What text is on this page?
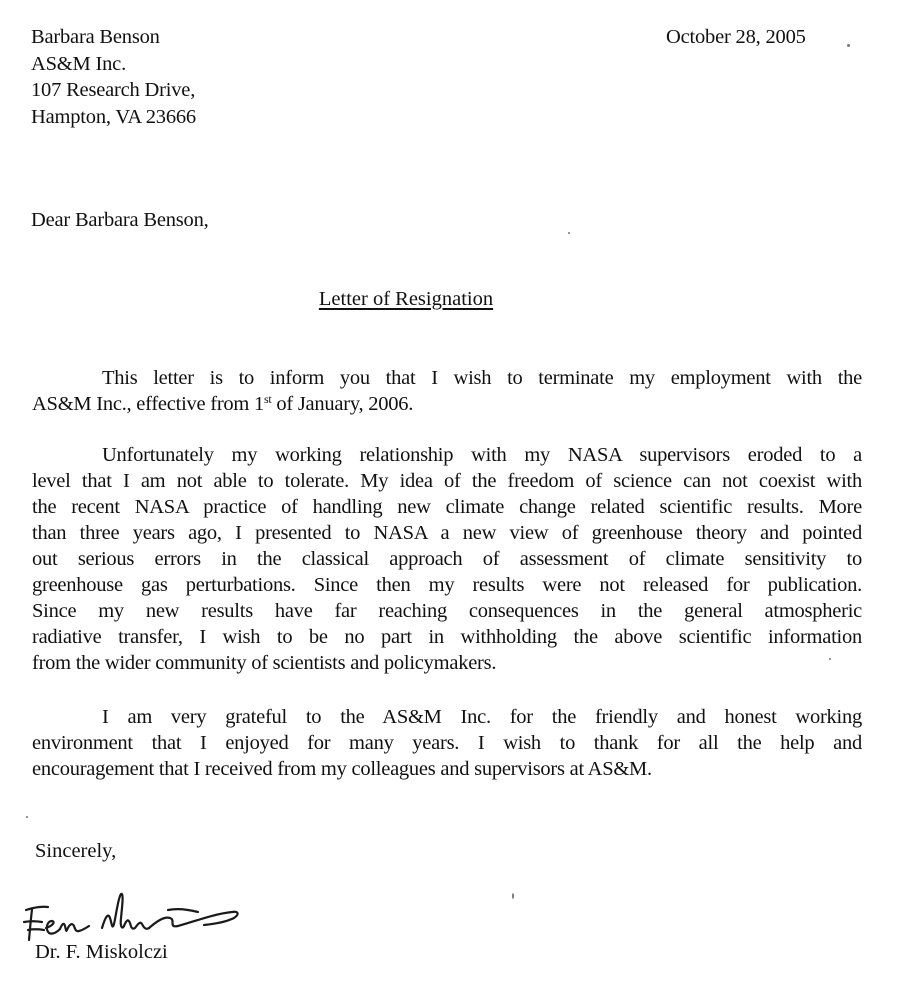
Barbara Benson
AS&M Inc.
107 Research Drive,
Hampton, VA 23666
October 28, 2005
Dear Barbara Benson,
Letter of Resignation
This letter is to inform you that I wish to terminate my employment with the
AS&M Inc., effective from 1st of January, 2006.
Unfortunately my working relationship with my NASA supervisors eroded to a
level that I am not able to tolerate. My idea of the freedom of science can not coexist with
the recent NASA practice of handling new climate change related scientific results. More
than three years ago, I presented to NASA a new view of greenhouse theory and pointed
out serious errors in the classical approach of assessment of climate sensitivity to
greenhouse gas perturbations. Since then my results were not released for publication.
Since my new results have far reaching consequences in the general atmospheric
radiative transfer, I wish to be no part in withholding the above scientific information
from the wider community of scientists and policymakers.
I am very grateful to the AS&M Inc. for the friendly and honest working
environment that I enjoyed for many years. I wish to thank for all the help and
encouragement that I received from my colleagues and supervisors at AS&M.
Sincerely,
Dr. F. Miskolczi
